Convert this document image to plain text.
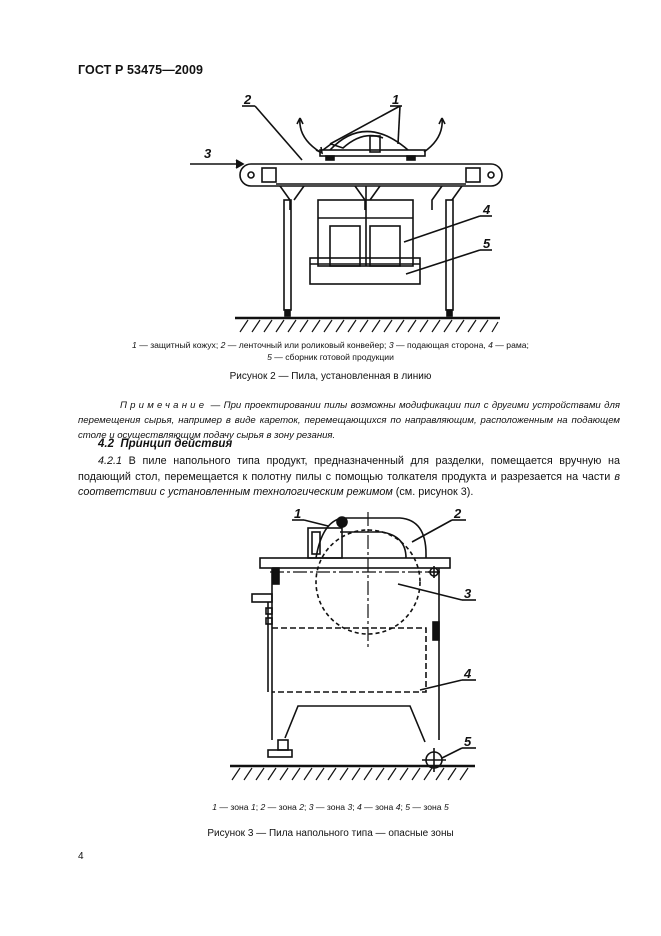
ГОСТ Р 53475—2009
2	1
3
4
5
1 — защитный кожух; 2 — ленточный или роликовый конвейер; 3 — подающая сторона, 4 — рама;
5 — сборник готовой продукции
Рисунок 2 — Пила, установленная в линию
Примечание — При проектировании пилы возможны модификации пил с другими устройствами для перемещения сырья, например в виде кареток, перемещающихся по направляющим, расположенным на подающем столе и осуществляющим подачу сырья в зону резания.
4.2 Принцип действия
4.2.1 В пиле напольного типа продукт, предназначенный для разделки, помещается вручную на подающий стол, перемещается к полотну пилы с помощью толкателя продукта и разрезается на части в соответствии с установленным технологическим режимом (см. рисунок 3).
1	2
3
4
5
1 — зона 1; 2 — зона 2; 3 — зона 3; 4 — зона 4; 5 — зона 5
Рисунок 3 — Пила напольного типа — опасные зоны
4
